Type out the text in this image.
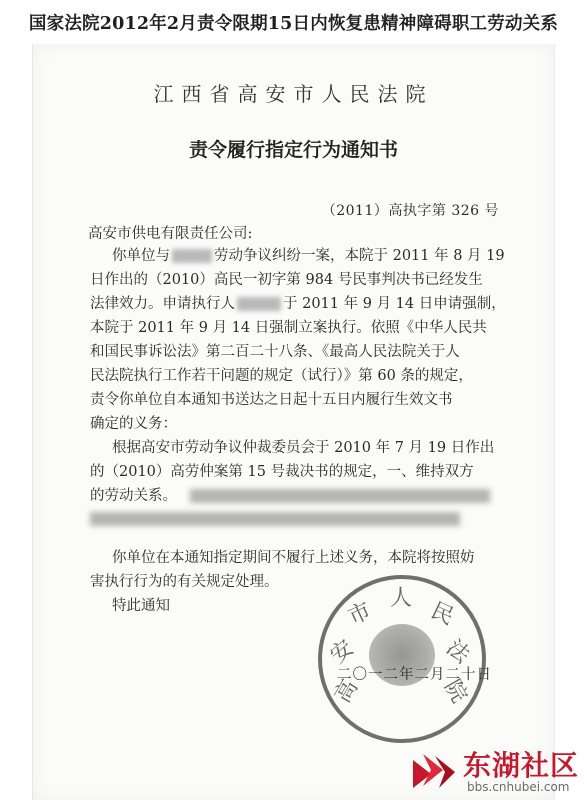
国家法院2012年2月责令限期15日内恢复患精神障碍职工劳动关系
江西省高安市人民法院
责令履行指定行为通知书
（2011）高执字第 326 号
高安市供电有限责任公司:
你单位与	劳动争议纠纷一案，本院于 2011 年 8 月 19
日作出的（2010）高民一初字第 984 号民事判决书已经发生
法律效力。申请执行人	于 2011 年 9 月 14 日申请强制，
本院于 2011 年 9 月 14 日强制立案执行。依照《中华人民共
和国民事诉讼法》第二百二十八条、《最高人民法院关于人
民法院执行工作若干问题的规定（试行）》第 60 条的规定，
责令你单位自本通知书送达之日起十五日内履行生效文书
确定的义务：
根据高安市劳动争议仲裁委员会于 2010 年 7 月 19 日作出
的（2010）高劳仲案第 15 号裁决书的规定，一、维持双方
的劳动关系。
你单位在本通知指定期间不履行上述义务，本院将按照妨
害执行行为的有关规定处理。
特此通知
高
安
市 人 民
法
院
二〇一二年二月二十日
东湖社区
bbs.cnhubei.com
